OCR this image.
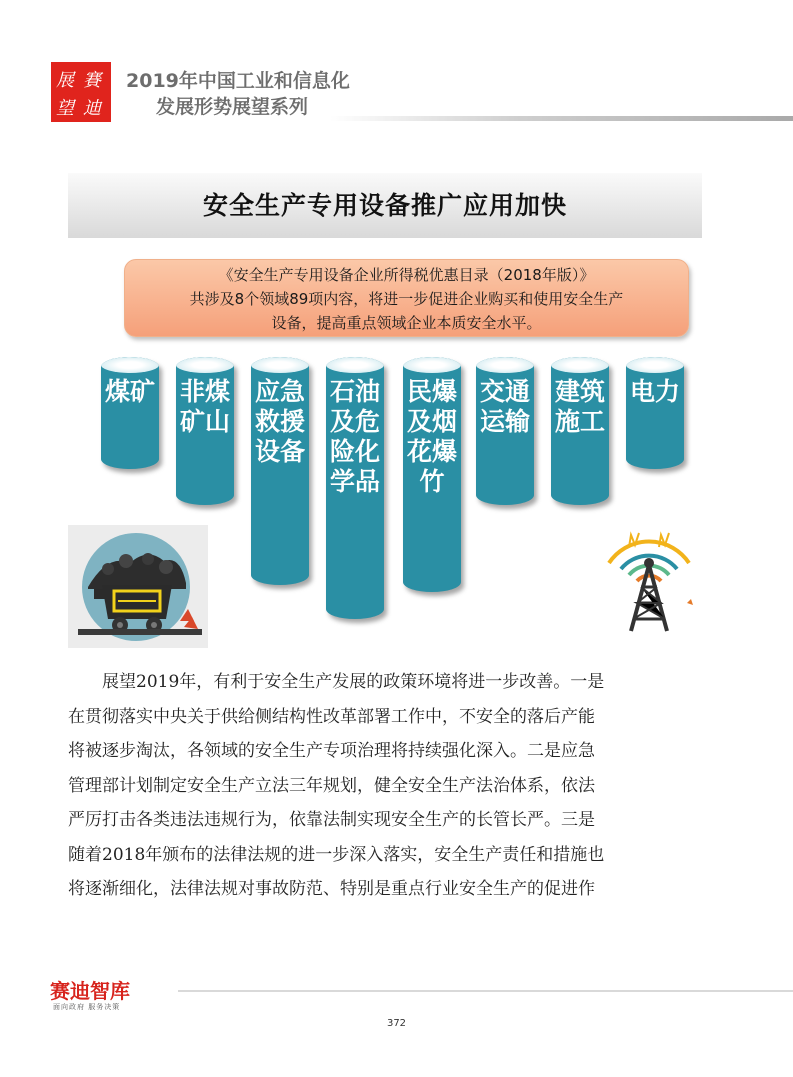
展 賽
望 迪
2019年中国工业和信息化
发展形势展望系列
安全生产专用设备推广应用加快
《安全生产专用设备企业所得税优惠目录（2018年版）》
共涉及8个领域89项内容，将进一步促进企业购买和使用安全生产
设备，提高重点领域企业本质安全水平。
煤矿 非煤矿山
应急救援设备
石油及危险化学品
民爆及烟花爆竹
交通运输
建筑施工
电力
展望2019年，有利于安全生产发展的政策环境将进一步改善。一是
在贯彻落实中央关于供给侧结构性改革部署工作中，不安全的落后产能
将被逐步淘汰，各领域的安全生产专项治理将持续强化深入。二是应急
管理部计划制定安全生产立法三年规划，健全安全生产法治体系，依法
严厉打击各类违法违规行为，依靠法制实现安全生产的长管长严。三是
随着2018年颁布的法律法规的进一步深入落实，安全生产责任和措施也
将逐渐细化，法律法规对事故防范、特别是重点行业安全生产的促进作
赛迪智库
面向政府 服务决策
372
